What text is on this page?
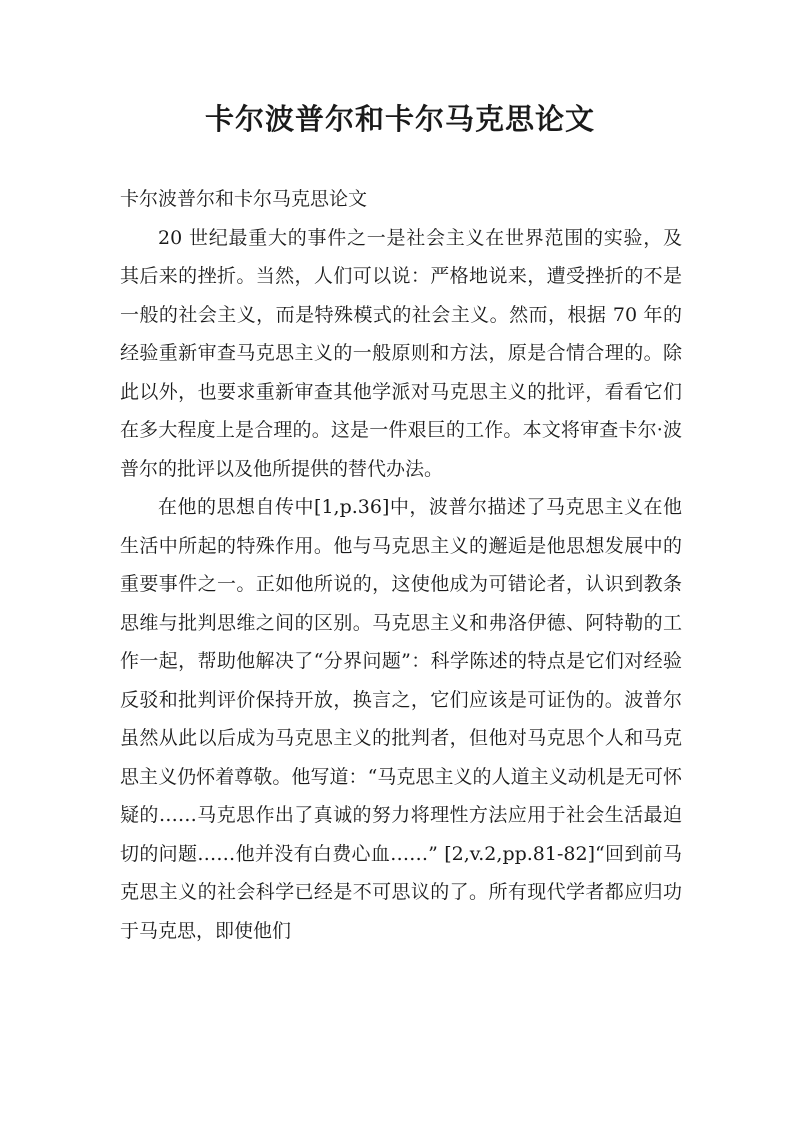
卡尔波普尔和卡尔马克思论文

卡尔波普尔和卡尔马克思论文

20 世纪最重大的事件之一是社会主义在世界范围的实验，及其后来的挫折。当然，人们可以说：严格地说来，遭受挫折的不是一般的社会主义，而是特殊模式的社会主义。然而，根据 70 年的经验重新审查马克思主义的一般原则和方法，原是合情合理的。除此以外，也要求重新审查其他学派对马克思主义的批评，看看它们在多大程度上是合理的。这是一件艰巨的工作。本文将审查卡尔·波普尔的批评以及他所提供的替代办法。

在他的思想自传中[1,p.36]中，波普尔描述了马克思主义在他生活中所起的特殊作用。他与马克思主义的邂逅是他思想发展中的重要事件之一。正如他所说的，这使他成为可错论者，认识到教条思维与批判思维之间的区别。马克思主义和弗洛伊德、阿特勒的工作一起，帮助他解决了“分界问题”：科学陈述的特点是它们对经验反驳和批判评价保持开放，换言之，它们应该是可证伪的。波普尔虽然从此以后成为马克思主义的批判者，但他对马克思个人和马克思主义仍怀着尊敬。他写道：“马克思主义的人道主义动机是无可怀疑的……马克思作出了真诚的努力将理性方法应用于社会生活最迫切的问题……他并没有白费心血……” [2,v.2,pp.81-82]“回到前马克思主义的社会科学已经是不可思议的了。所有现代学者都应归功于马克思，即使他们
